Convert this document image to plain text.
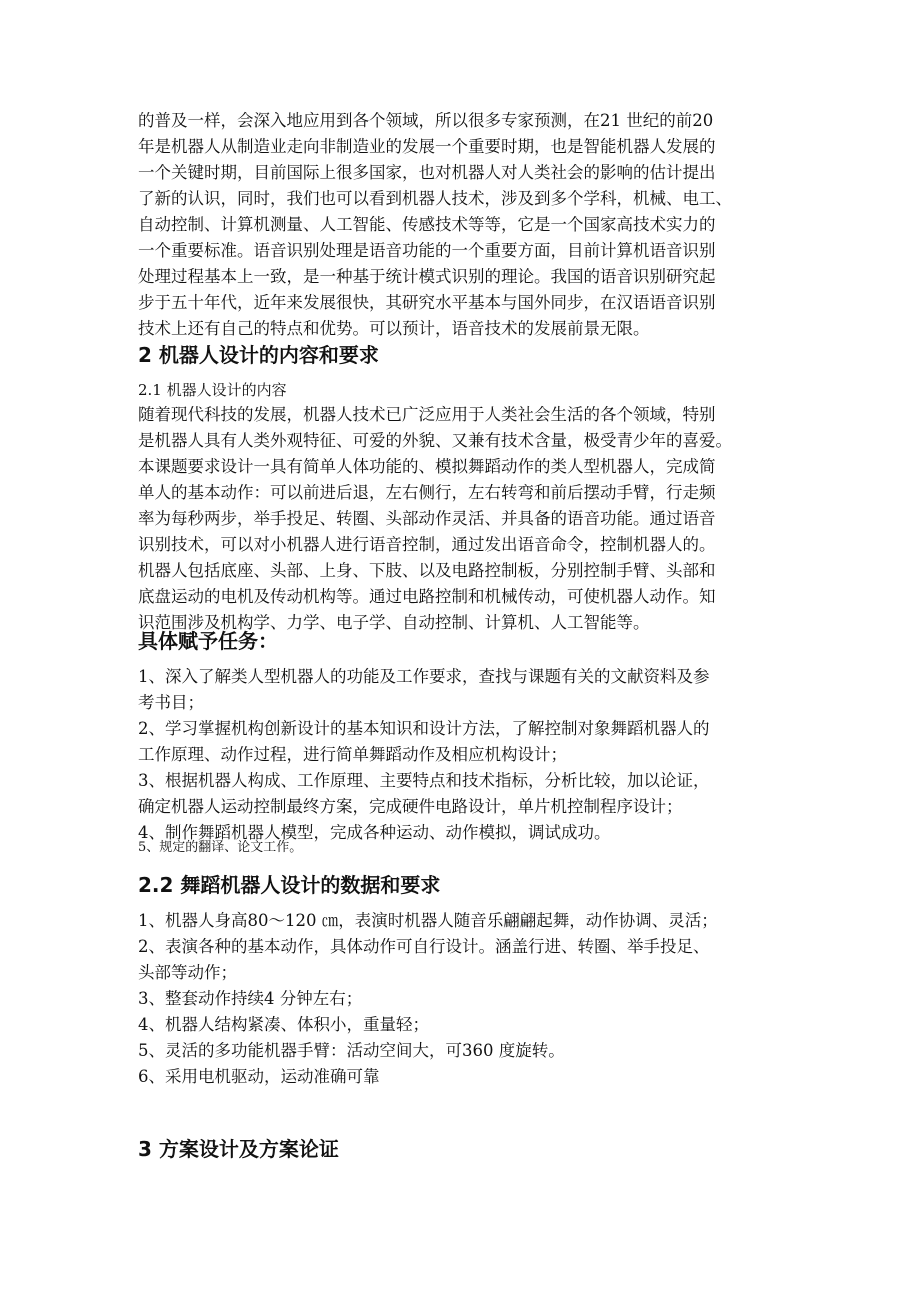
的普及一样，会深入地应用到各个领域，所以很多专家预测，在21 世纪的前20
年是机器人从制造业走向非制造业的发展一个重要时期，也是智能机器人发展的
一个关键时期，目前国际上很多国家，也对机器人对人类社会的影响的估计提出
了新的认识，同时，我们也可以看到机器人技术，涉及到多个学科，机械、电工、
自动控制、计算机测量、人工智能、传感技术等等，它是一个国家高技术实力的
一个重要标准。语音识别处理是语音功能的一个重要方面，目前计算机语音识别
处理过程基本上一致，是一种基于统计模式识别的理论。我国的语音识别研究起
步于五十年代，近年来发展很快，其研究水平基本与国外同步，在汉语语音识别
技术上还有自己的特点和优势。可以预计，语音技术的发展前景无限。
2 机器人设计的内容和要求
2.1 机器人设计的内容
随着现代科技的发展，机器人技术已广泛应用于人类社会生活的各个领域，特别
是机器人具有人类外观特征、可爱的外貌、又兼有技术含量，极受青少年的喜爱。
本课题要求设计一具有简单人体功能的、模拟舞蹈动作的类人型机器人，完成简
单人的基本动作：可以前进后退，左右侧行，左右转弯和前后摆动手臂，行走频
率为每秒两步，举手投足、转圈、头部动作灵活、并具备的语音功能。通过语音
识别技术，可以对小机器人进行语音控制，通过发出语音命令，控制机器人的。
机器人包括底座、头部、上身、下肢、以及电路控制板，分别控制手臂、头部和
底盘运动的电机及传动机构等。通过电路控制和机械传动，可使机器人动作。知
识范围涉及机构学、力学、电子学、自动控制、计算机、人工智能等。
具体赋予任务：
1、深入了解类人型机器人的功能及工作要求，查找与课题有关的文献资料及参
考书目；
2、学习掌握机构创新设计的基本知识和设计方法，了解控制对象舞蹈机器人的
工作原理、动作过程，进行简单舞蹈动作及相应机构设计；
3、根据机器人构成、工作原理、主要特点和技术指标，分析比较，加以论证，
确定机器人运动控制最终方案，完成硬件电路设计，单片机控制程序设计；
4、制作舞蹈机器人模型，完成各种运动、动作模拟，调试成功。
5、规定的翻译、论文工作。
2.2 舞蹈机器人设计的数据和要求
1、机器人身高80～120 ㎝，表演时机器人随音乐翩翩起舞，动作协调、灵活；
2、表演各种的基本动作，具体动作可自行设计。涵盖行进、转圈、举手投足、
头部等动作；
3、整套动作持续4 分钟左右；
4、机器人结构紧凑、体积小，重量轻；
5、灵活的多功能机器手臂：活动空间大，可360 度旋转。
6、采用电机驱动，运动准确可靠
3 方案设计及方案论证
